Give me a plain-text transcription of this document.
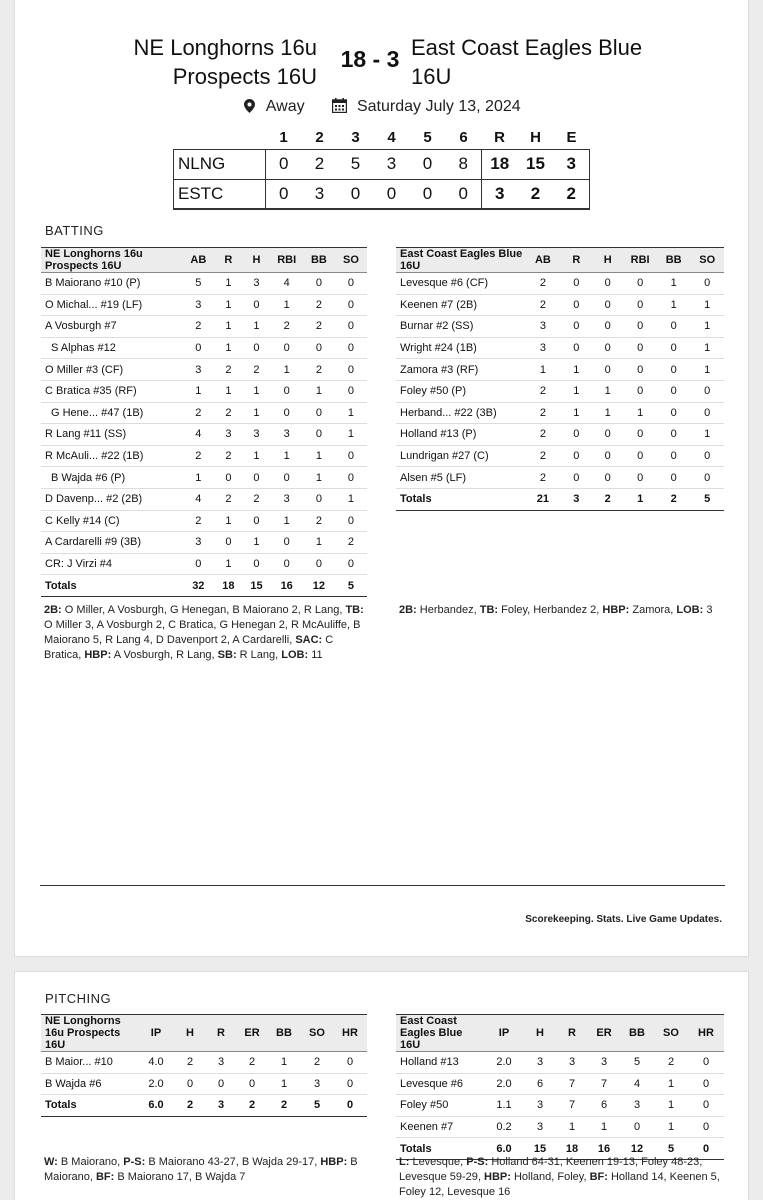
NE Longhorns 16u
Prospects 16U
18 - 3 East Coast Eagles Blue
16U
Away	Saturday July 13, 2024
	1	2	3	4	5	6	R	H	E
NLNG	0	2	5	3	0	8	18	15	3
ESTC	0	3	0	0	0	0	3	2	2
BATTING
NE Longhorns 16u Prospects 16U	AB	R	H	RBI	BB	SO
B Maiorano #10 (P)	5	1	3	4	0	0
O Michal... #19 (LF)	3	1	0	1	2	0
A Vosburgh #7	2	1	1	2	2	0
S Alphas #12	0	1	0	0	0	0
O Miller #3 (CF)	3	2	2	1	2	0
C Bratica #35 (RF)	1	1	1	0	1	0
G Hene... #47 (1B)	2	2	1	0	0	1
R Lang #11 (SS)	4	3	3	3	0	1
R McAuli... #22 (1B)	2	2	1	1	1	0
B Wajda #6 (P)	1	0	0	0	1	0
D Davenp... #2 (2B)	4	2	2	3	0	1
C Kelly #14 (C)	2	1	0	1	2	0
A Cardarelli #9 (3B)	3	0	1	0	1	2
CR: J Virzi #4	0	1	0	0	0	0
Totals	32	18	15	16	12	5
East Coast Eagles Blue 16U	AB	R	H	RBI	BB	SO
Levesque #6 (CF)	2	0	0	0	1	0
Keenen #7 (2B)	2	0	0	0	1	1
Burnar #2 (SS)	3	0	0	0	0	1
Wright #24 (1B)	3	0	0	0	0	1
Zamora #3 (RF)	1	1	0	0	0	1
Foley #50 (P)	2	1	1	0	0	0
Herband... #22 (3B)	2	1	1	1	0	0
Holland #13 (P)	2	0	0	0	0	1
Lundrigan #27 (C)	2	0	0	0	0	0
Alsen #5 (LF)	2	0	0	0	0	0
Totals	21	3	2	1	2	5
2B: O Miller, A Vosburgh, G Henegan, B Maiorano 2, R Lang, TB: O Miller 3, A Vosburgh 2, C Bratica, G Henegan 2, R McAuliffe, B Maiorano 5, R Lang 4, D Davenport 2, A Cardarelli, SAC: C Bratica, HBP: A Vosburgh, R Lang, SB: R Lang, LOB: 11
2B: Herbandez, TB: Foley, Herbandez 2, HBP: Zamora, LOB: 3
Scorekeeping. Stats. Live Game Updates.
PITCHING
NE Longhorns 16u Prospects 16U	IP	H	R	ER	BB	SO	HR
B Maior... #10	4.0	2	3	2	1	2	0
B Wajda #6	2.0	0	0	0	1	3	0
Totals	6.0	2	3	2	2	5	0
East Coast Eagles Blue 16U	IP	H	R	ER	BB	SO	HR
Holland #13	2.0	3	3	3	5	2	0
Levesque #6	2.0	6	7	7	4	1	0
Foley #50	1.1	3	7	6	3	1	0
Keenen #7	0.2	3	1	1	0	1	0
Totals	6.0	15	18	16	12	5	0
W: B Maiorano, P-S: B Maiorano 43-27, B Wajda 29-17, HBP: B Maiorano, BF: B Maiorano 17, B Wajda 7
L: Levesque, P-S: Holland 64-31, Keenen 19-13, Foley 48-23, Levesque 59-29, HBP: Holland, Foley, BF: Holland 14, Keenen 5, Foley 12, Levesque 16
